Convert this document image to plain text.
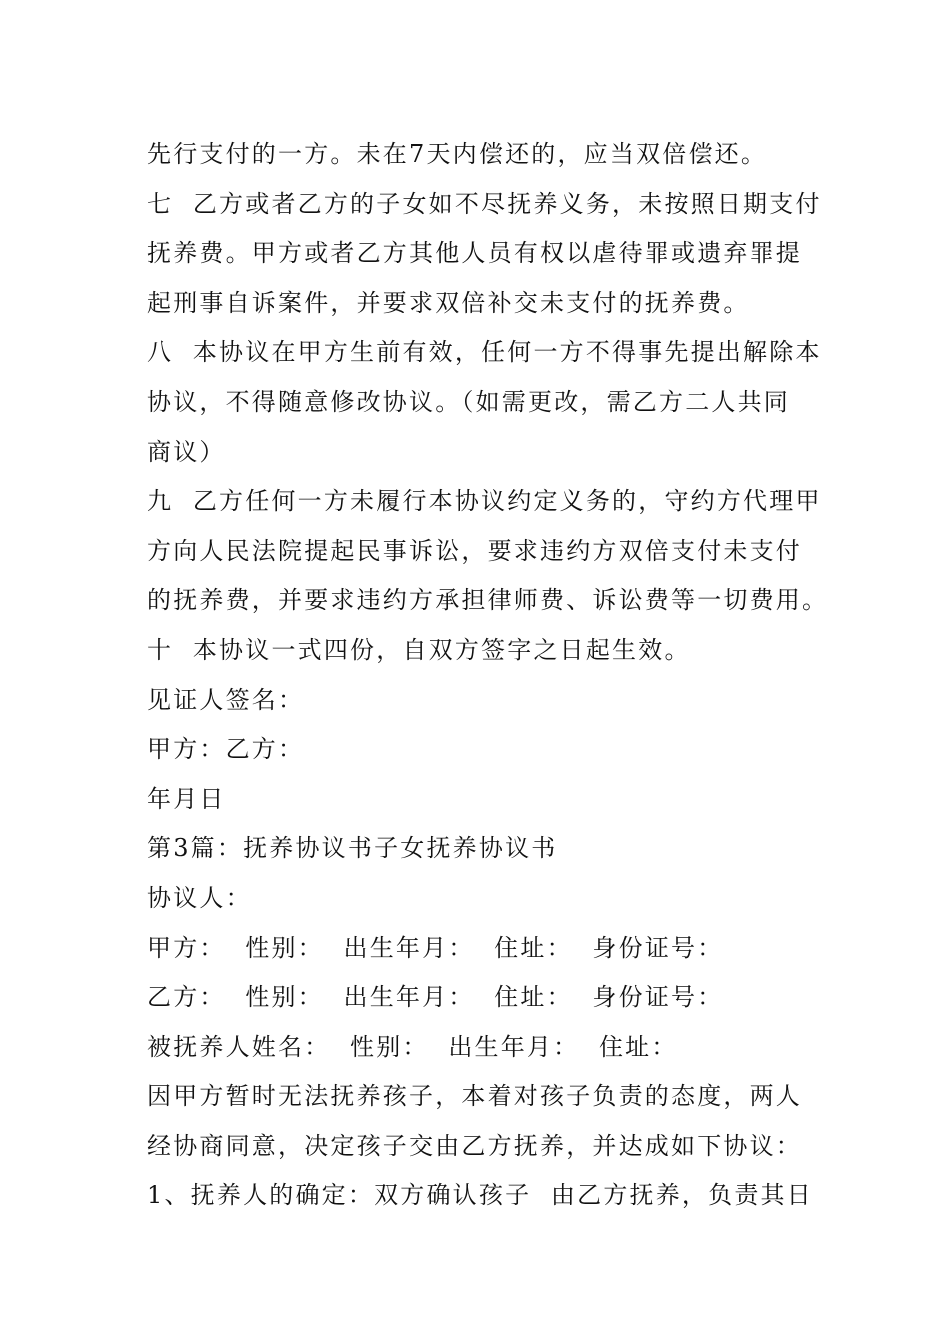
先行支付的一方。未在7天内偿还的，应当双倍偿还。
七  乙方或者乙方的子女如不尽抚养义务，未按照日期支付
抚养费。甲方或者乙方其他人员有权以虐待罪或遗弃罪提
起刑事自诉案件，并要求双倍补交未支付的抚养费。
八  本协议在甲方生前有效，任何一方不得事先提出解除本
协议，不得随意修改协议。（如需更改，需乙方二人共同
商议）
九  乙方任何一方未履行本协议约定义务的，守约方代理甲
方向人民法院提起民事诉讼，要求违约方双倍支付未支付
的抚养费，并要求违约方承担律师费、诉讼费等一切费用。
十  本协议一式四份，自双方签字之日起生效。
见证人签名：
甲方：乙方：
年月日
第3篇：抚养协议书子女抚养协议书
协议人：
甲方：  性别：  出生年月：  住址：  身份证号：
乙方：  性别：  出生年月：  住址：  身份证号：
被抚养人姓名：  性别：  出生年月：  住址：
因甲方暂时无法抚养孩子，本着对孩子负责的态度，两人
经协商同意，决定孩子交由乙方抚养，并达成如下协议：
1、抚养人的确定：双方确认孩子  由乙方抚养，负责其日
